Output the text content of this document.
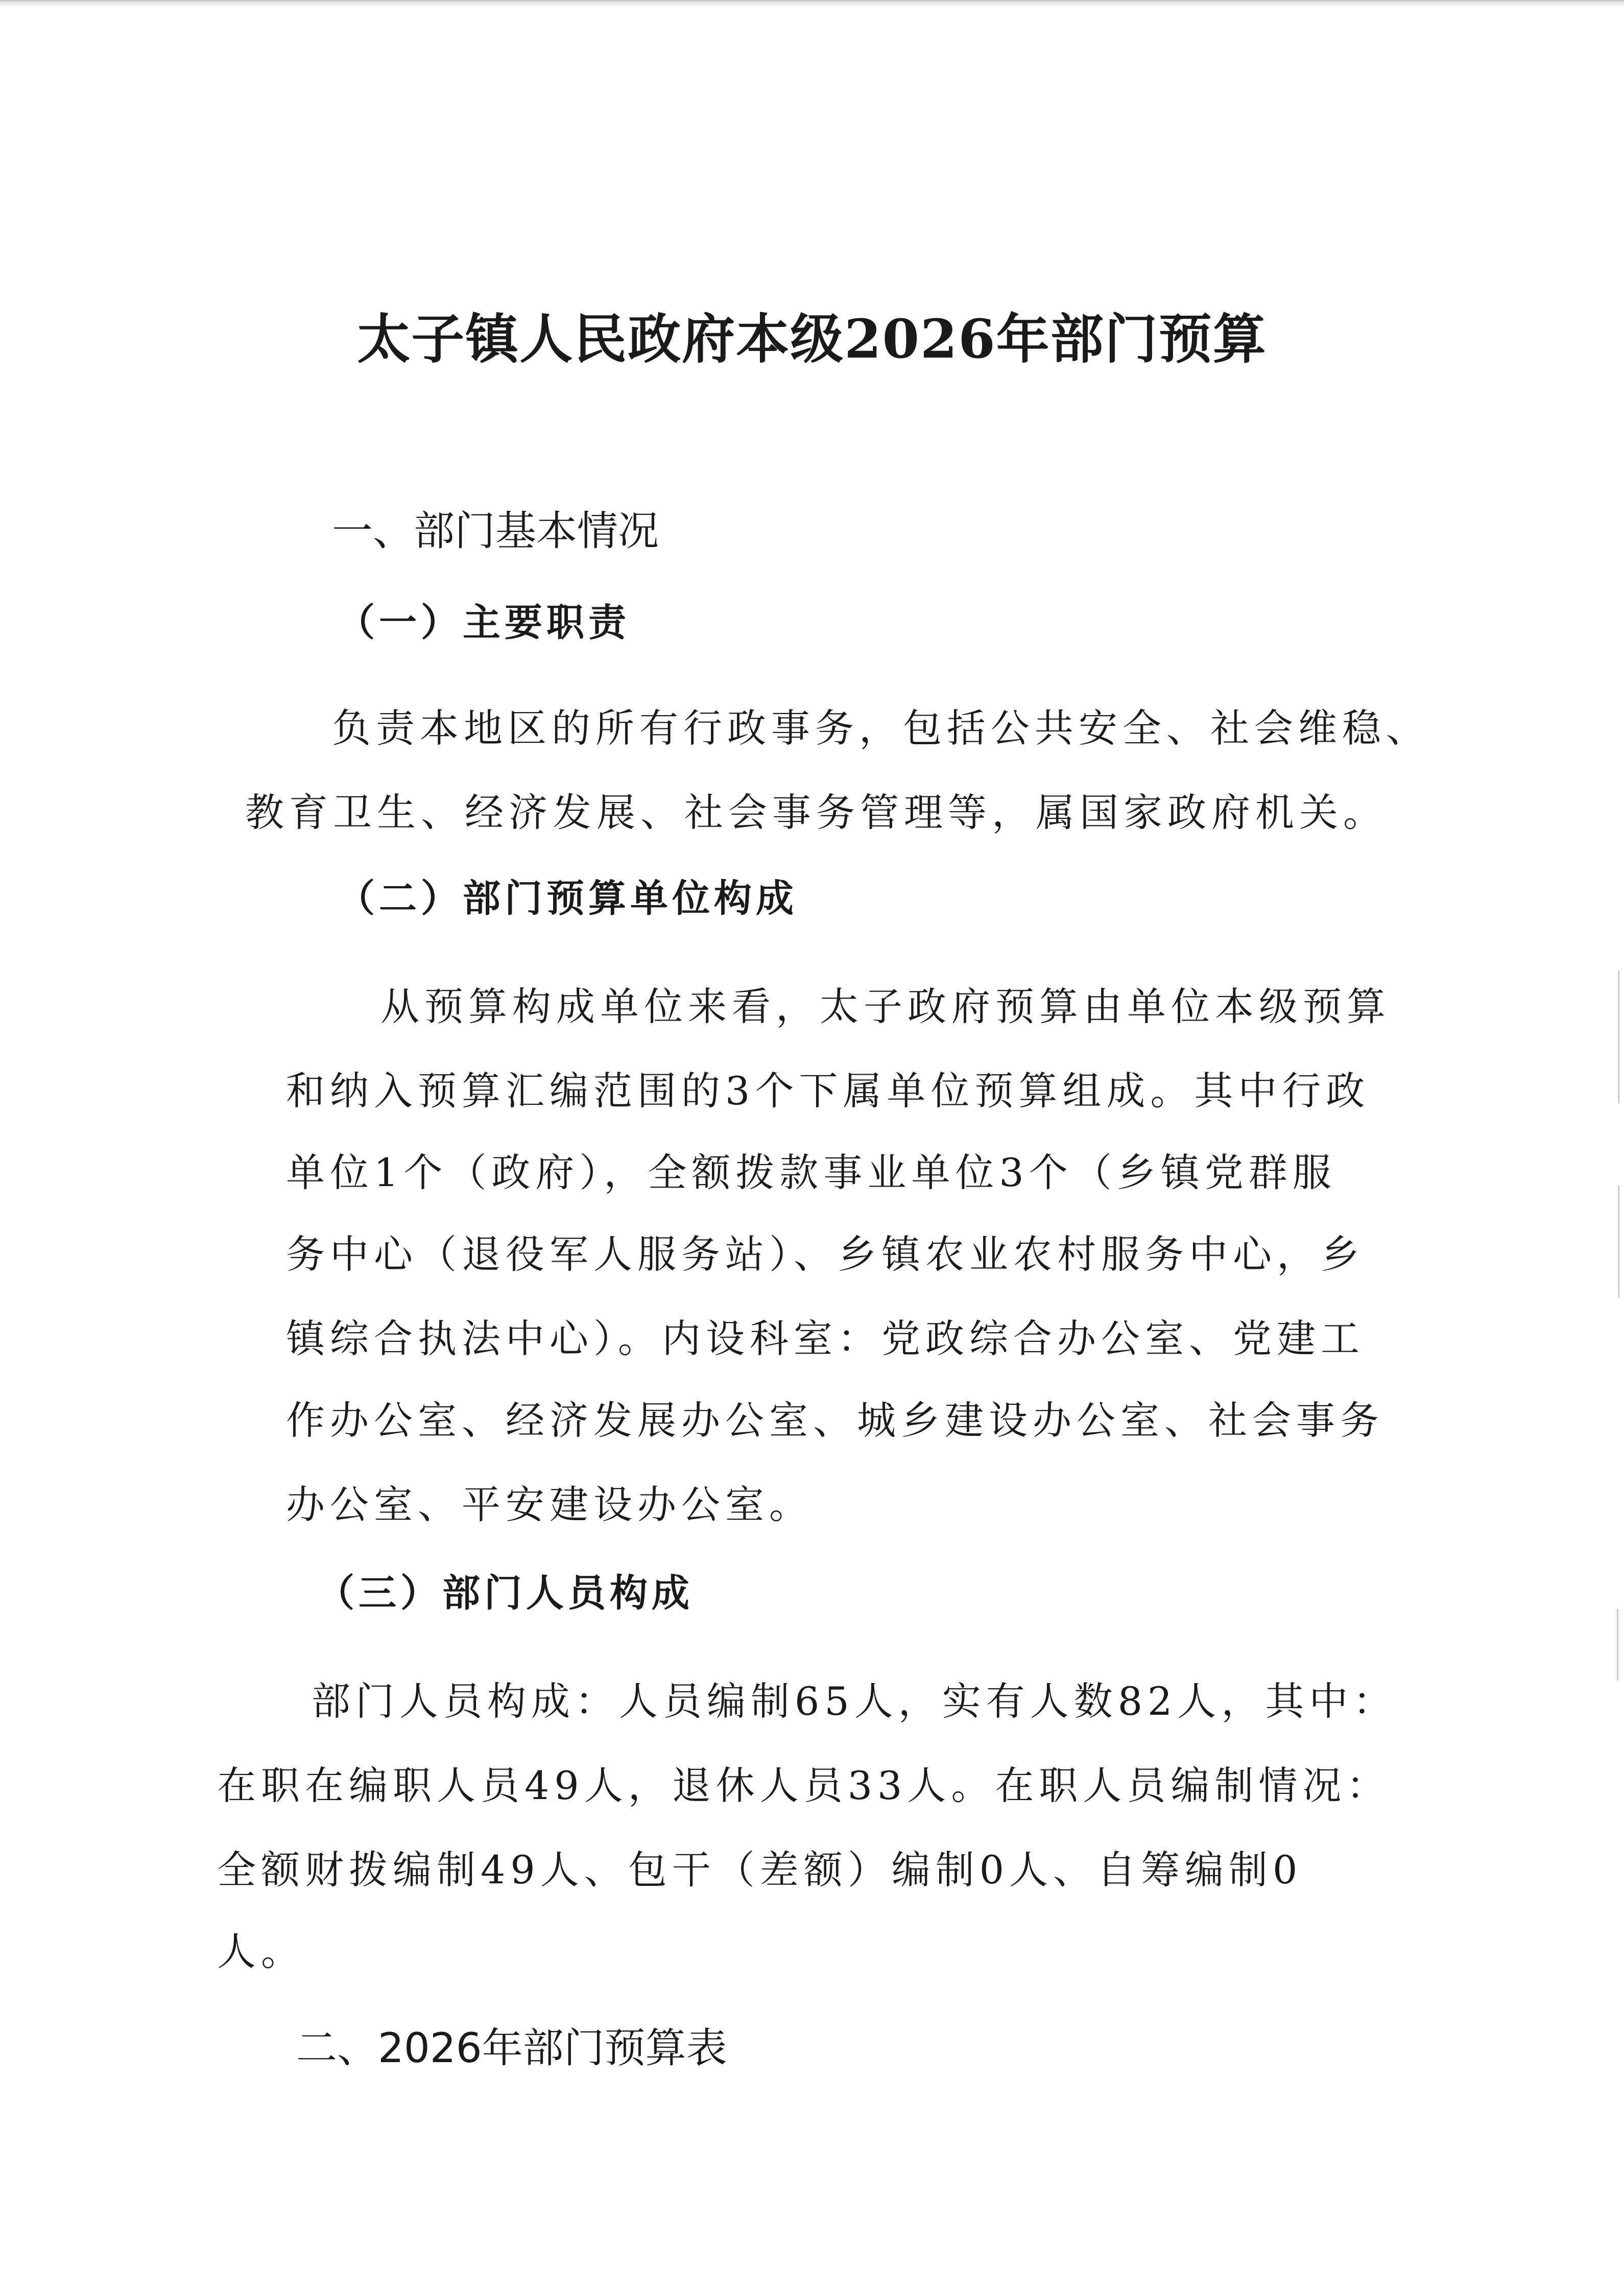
太子镇人民政府本级2026年部门预算
一、部门基本情况
（一）主要职责
负责本地区的所有行政事务，包括公共安全、社会维稳、
教育卫生、经济发展、社会事务管理等，属国家政府机关。
（二）部门预算单位构成
从预算构成单位来看，太子政府预算由单位本级预算
和纳入预算汇编范围的3个下属单位预算组成。其中行政
单位1个（政府），全额拨款事业单位3个（乡镇党群服
务中心（退役军人服务站）、乡镇农业农村服务中心，乡
镇综合执法中心）。内设科室：党政综合办公室、党建工
作办公室、经济发展办公室、城乡建设办公室、社会事务
办公室、平安建设办公室。
（三）部门人员构成
部门人员构成：人员编制65人，实有人数82人，其中：
在职在编职人员49人，退休人员33人。在职人员编制情况：
全额财拨编制49人、包干（差额）编制0人、自筹编制0
人。
二、2026年部门预算表
